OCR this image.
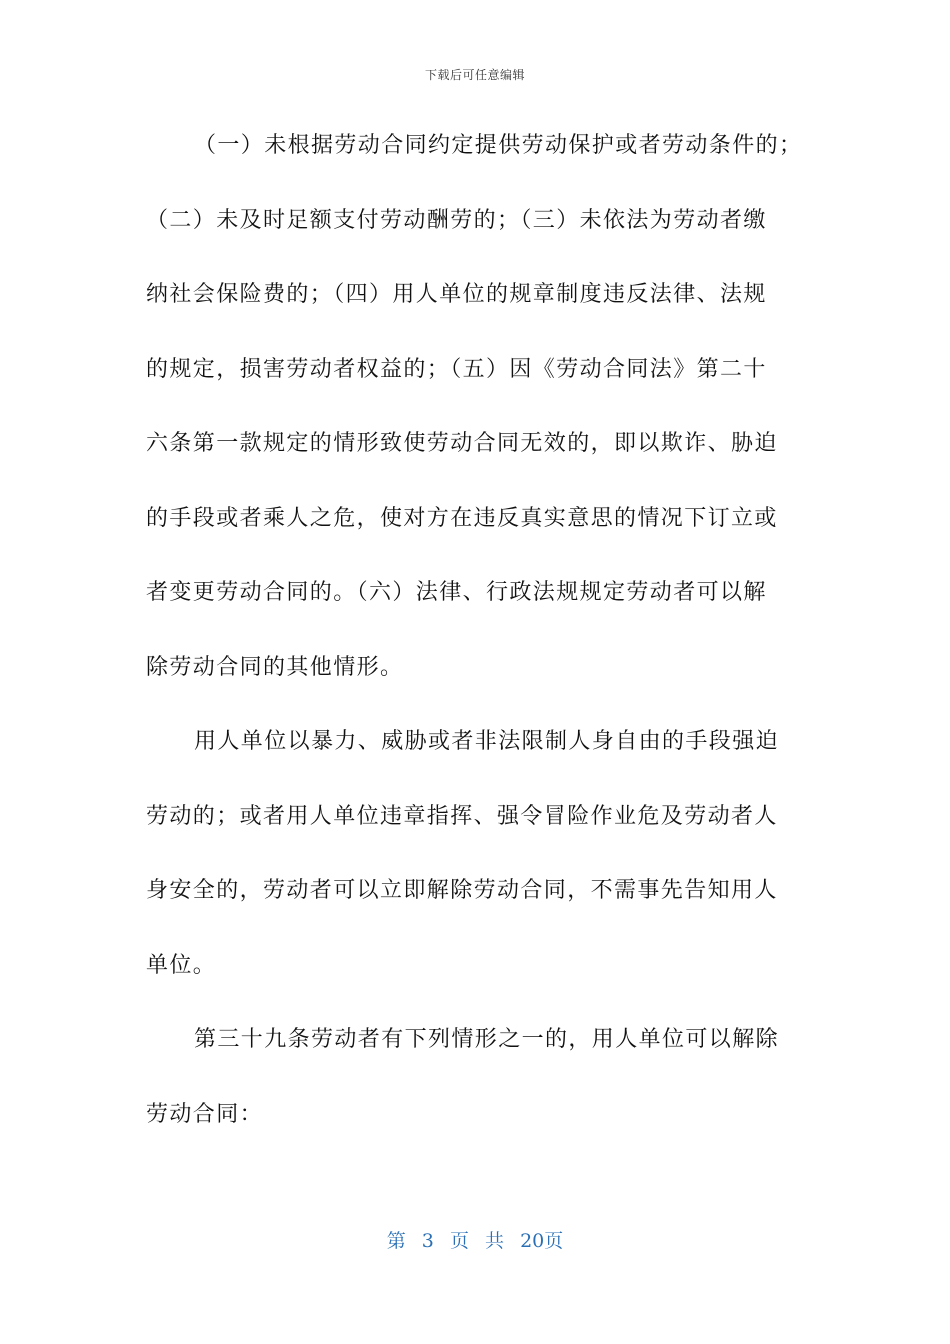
下载后可任意编辑
（一）未根据劳动合同约定提供劳动保护或者劳动条件的；
（二）未及时足额支付劳动酬劳的；（三）未依法为劳动者缴
纳社会保险费的；（四）用人单位的规章制度违反法律、法规
的规定，损害劳动者权益的；（五）因《劳动合同法》第二十
六条第一款规定的情形致使劳动合同无效的，即以欺诈、胁迫
的手段或者乘人之危，使对方在违反真实意思的情况下订立或
者变更劳动合同的。（六）法律、行政法规规定劳动者可以解
除劳动合同的其他情形。
用人单位以暴力、威胁或者非法限制人身自由的手段强迫
劳动的；或者用人单位违章指挥、强令冒险作业危及劳动者人
身安全的，劳动者可以立即解除劳动合同，不需事先告知用人
单位。
第三十九条劳动者有下列情形之一的，用人单位可以解除
劳动合同：
第 3 页 共 20页
